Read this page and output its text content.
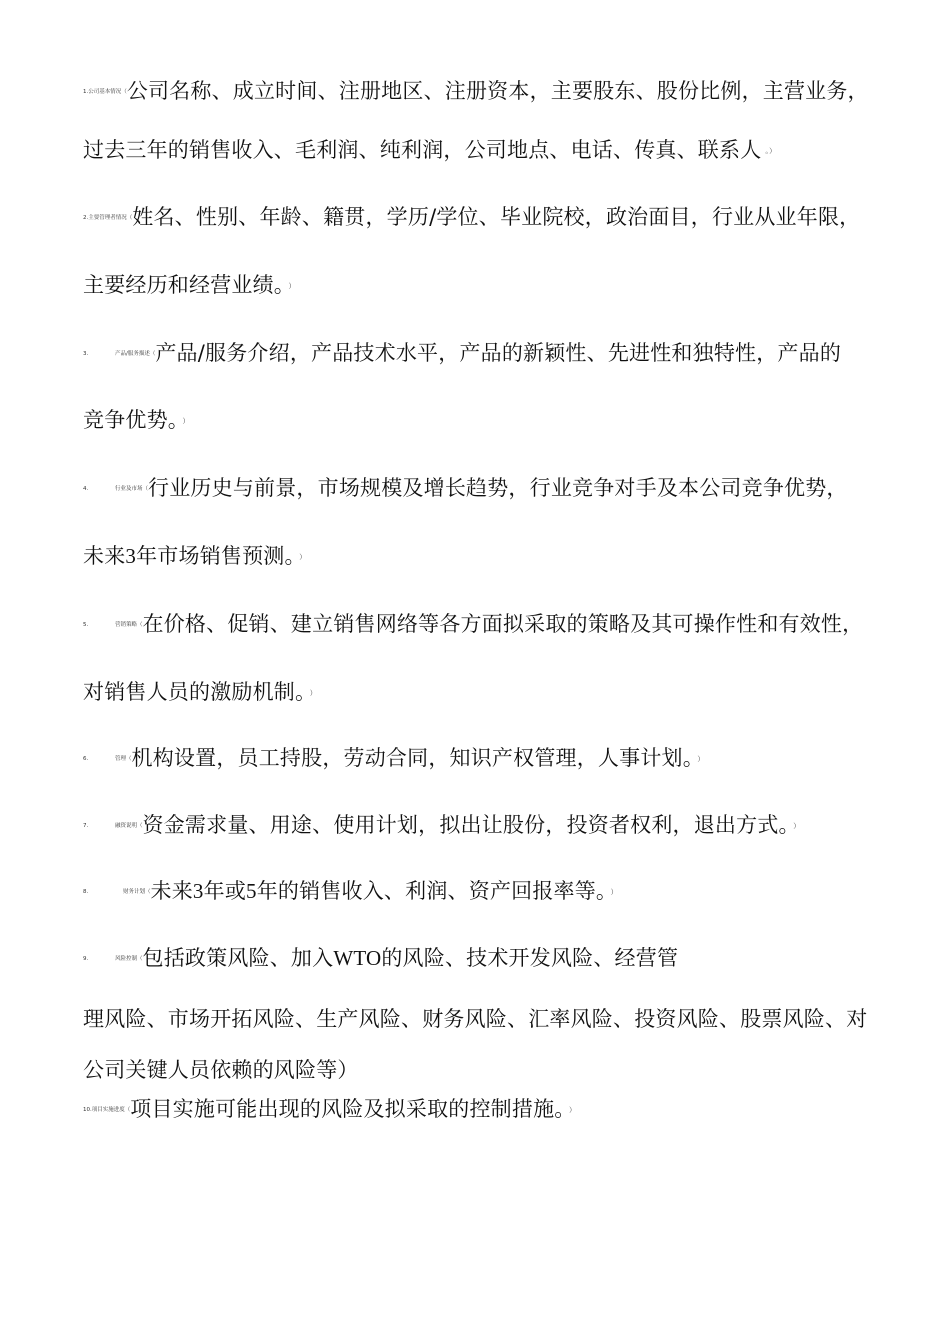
1.公司基本情况（公司名称、成立时间、注册地区、注册资本，主要股东、股份比例，主营业务，
过去三年的销售收入、毛利润、纯利润，公司地点、电话、传真、联系人 。）
2.主要管理者情况（姓名、性别、年龄、籍贯，学历/学位、毕业院校，政治面目，行业从业年限，
主要经历和经营业绩。 ）
3.	产品/服务描述（产品/服务介绍，产品技术水平，产品的新颖性、先进性和独特性，产品的
竞争优势。 ）
4.	行业及市场（行业历史与前景，市场规模及增长趋势，行业竞争对手及本公司竞争优势，
未来3年市场销售预测。 ）
5.	营销策略（在价格、促销、建立销售网络等各方面拟采取的策略及其可操作性和有效性，
对销售人员的激励机制。 ）
6.	管理（机构设置，员工持股，劳动合同，知识产权管理，人事计划。 ）
7.	融资说明（资金需求量、用途、使用计划，拟出让股份，投资者权利，退出方式。 ）
8.	财务计划（未来3年或5年的销售收入、利润、资产回报率等。 ）
9.	风险控制（包括政策风险、加入WTO的风险、技术开发风险、经营管
理风险、市场开拓风险、生产风险、财务风险、汇率风险、投资风险、股票风险、对
公司关键人员依赖的风险等）
10.项目实施进度（项目实施可能出现的风险及拟采取的控制措施。 ）
